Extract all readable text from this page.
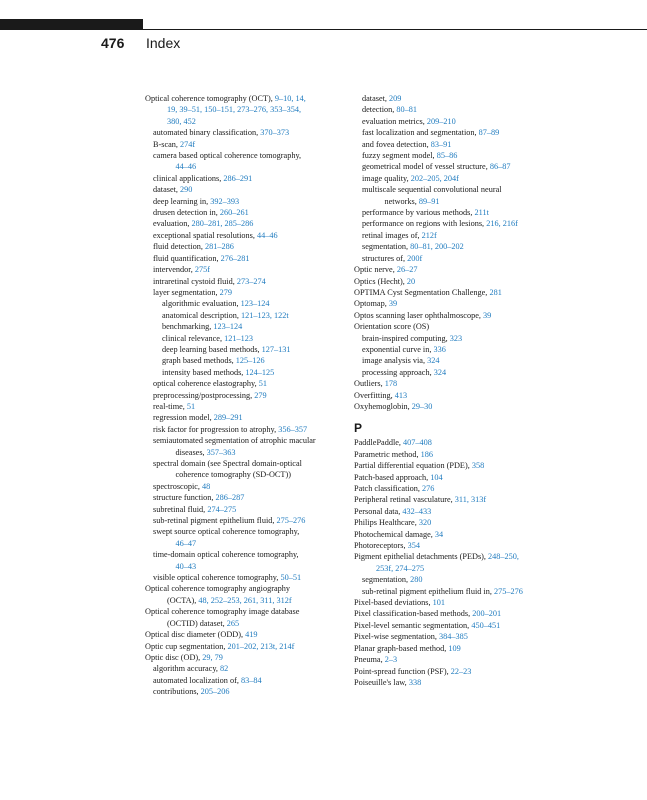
476 Index
Optical coherence tomography (OCT), 9–10, 14,
19, 39–51, 150–151, 273–276, 353–354,
380, 452
automated binary classification, 370–373
B-scan, 274f
camera based optical coherence tomography,
44–46
clinical applications, 286–291
dataset, 290
deep learning in, 392–393
drusen detection in, 260–261
evaluation, 280–281, 285–286
exceptional spatial resolutions, 44–46
fluid detection, 281–286
fluid quantification, 276–281
intervendor, 275f
intraretinal cystoid fluid, 273–274
layer segmentation, 279
algorithmic evaluation, 123–124
anatomical description, 121–123, 122t
benchmarking, 123–124
clinical relevance, 121–123
deep learning based methods, 127–131
graph based methods, 125–126
intensity based methods, 124–125
optical coherence elastography, 51
preprocessing/postprocessing, 279
real-time, 51
regression model, 289–291
risk factor for progression to atrophy, 356–357
semiautomated segmentation of atrophic macular
diseases, 357–363
spectral domain (see Spectral domain-optical
coherence tomography (SD-OCT))
spectroscopic, 48
structure function, 286–287
subretinal fluid, 274–275
sub-retinal pigment epithelium fluid, 275–276
swept source optical coherence tomography,
46–47
time-domain optical coherence tomography,
40–43
visible optical coherence tomography, 50–51
Optical coherence tomography angiography
(OCTA), 48, 252–253, 261, 311, 312f
Optical coherence tomography image database
(OCTID) dataset, 265
Optical disc diameter (ODD), 419
Optic cup segmentation, 201–202, 213t, 214f
Optic disc (OD), 29, 79
algorithm accuracy, 82
automated localization of, 83–84
contributions, 205–206
dataset, 209
detection, 80–81
evaluation metrics, 209–210
fast localization and segmentation, 87–89
and fovea detection, 83–91
fuzzy segment model, 85–86
geometrical model of vessel structure, 86–87
image quality, 202–205, 204f
multiscale sequential convolutional neural
networks, 89–91
performance by various methods, 211t
performance on regions with lesions, 216, 216f
retinal images of, 212f
segmentation, 80–81, 200–202
structures of, 200f
Optic nerve, 26–27
Optics (Hecht), 20
OPTIMA Cyst Segmentation Challenge, 281
Optomap, 39
Optos scanning laser ophthalmoscope, 39
Orientation score (OS)
brain-inspired computing, 323
exponential curve in, 336
image analysis via, 324
processing approach, 324
Outliers, 178
Overfitting, 413
Oxyhemoglobin, 29–30
P
PaddlePaddle, 407–408
Parametric method, 186
Partial differential equation (PDE), 358
Patch-based approach, 104
Patch classification, 276
Peripheral retinal vasculature, 311, 313f
Personal data, 432–433
Philips Healthcare, 320
Photochemical damage, 34
Photoreceptors, 354
Pigment epithelial detachments (PEDs), 248–250,
253f, 274–275
segmentation, 280
sub-retinal pigment epithelium fluid in, 275–276
Pixel-based deviations, 101
Pixel classification-based methods, 200–201
Pixel-level semantic segmentation, 450–451
Pixel-wise segmentation, 384–385
Planar graph-based method, 109
Pneuma, 2–3
Point-spread function (PSF), 22–23
Poiseuille's law, 338
